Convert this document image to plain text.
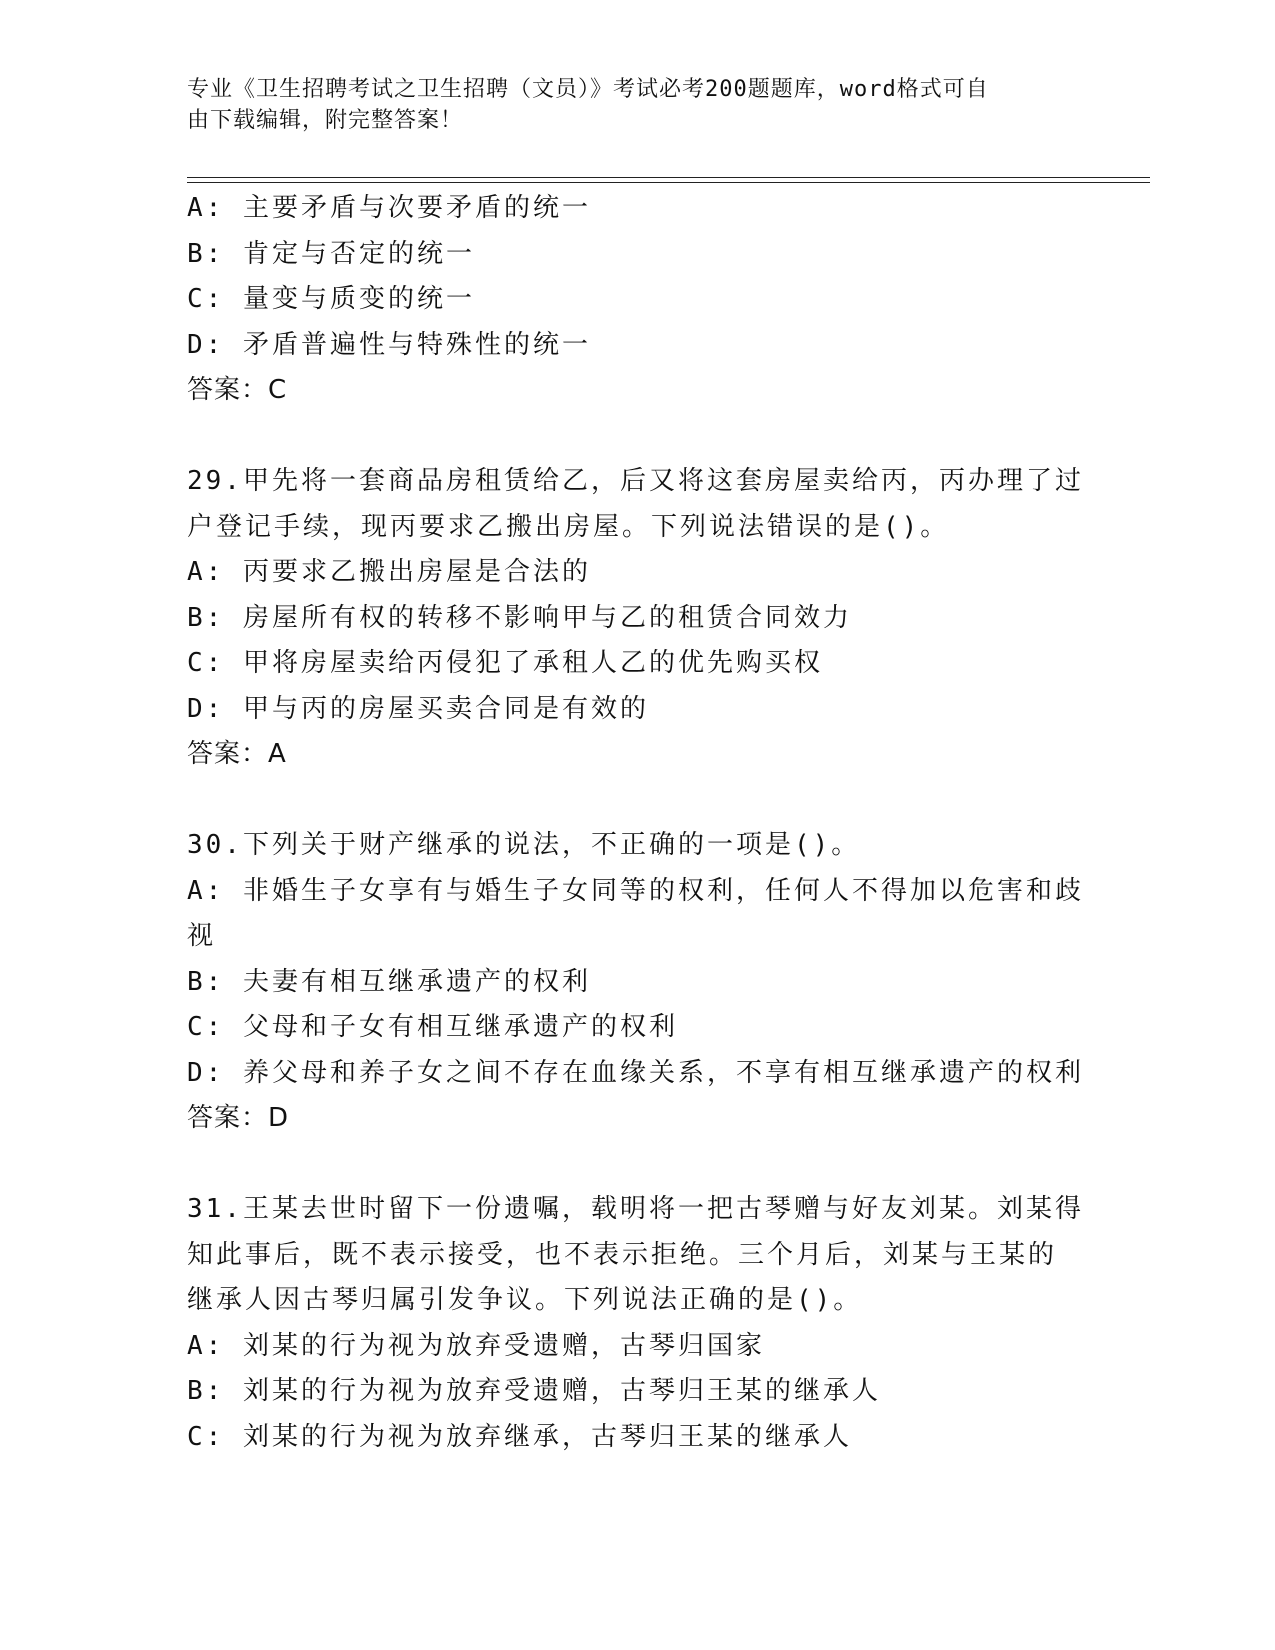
专业《卫生招聘考试之卫生招聘（文员）》考试必考200题题库，word格式可自
由下载编辑，附完整答案！
A: 主要矛盾与次要矛盾的统一
B: 肯定与否定的统一
C: 量变与质变的统一
D: 矛盾普遍性与特殊性的统一
答案：C
29.甲先将一套商品房租赁给乙，后又将这套房屋卖给丙，丙办理了过
户登记手续，现丙要求乙搬出房屋。下列说法错误的是()。
A: 丙要求乙搬出房屋是合法的
B: 房屋所有权的转移不影响甲与乙的租赁合同效力
C: 甲将房屋卖给丙侵犯了承租人乙的优先购买权
D: 甲与丙的房屋买卖合同是有效的
答案：A
30.下列关于财产继承的说法，不正确的一项是()。
A: 非婚生子女享有与婚生子女同等的权利，任何人不得加以危害和歧
视
B: 夫妻有相互继承遗产的权利
C: 父母和子女有相互继承遗产的权利
D: 养父母和养子女之间不存在血缘关系，不享有相互继承遗产的权利
答案：D
31.王某去世时留下一份遗嘱，载明将一把古琴赠与好友刘某。刘某得
知此事后，既不表示接受，也不表示拒绝。三个月后，刘某与王某的
继承人因古琴归属引发争议。下列说法正确的是()。
A: 刘某的行为视为放弃受遗赠，古琴归国家
B: 刘某的行为视为放弃受遗赠，古琴归王某的继承人
C: 刘某的行为视为放弃继承，古琴归王某的继承人
